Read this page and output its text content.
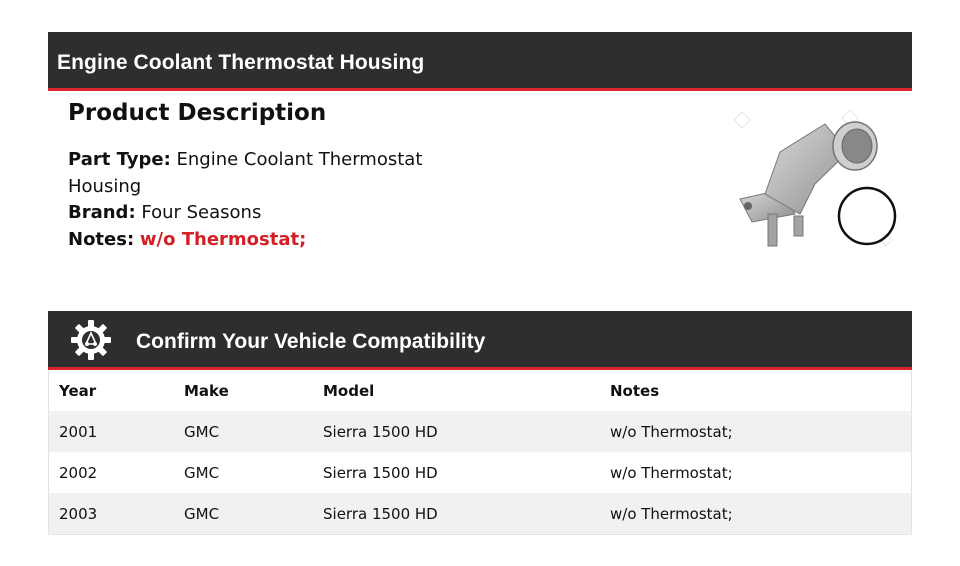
Engine Coolant Thermostat Housing
Product Description
Part Type: Engine Coolant Thermostat Housing
Brand: Four Seasons
Notes: w/o Thermostat;
Confirm Your Vehicle Compatibility
Year	Make	Model	Notes
2001	GMC	Sierra 1500 HD	w/o Thermostat;
2002	GMC	Sierra 1500 HD	w/o Thermostat;
2003	GMC	Sierra 1500 HD	w/o Thermostat;
